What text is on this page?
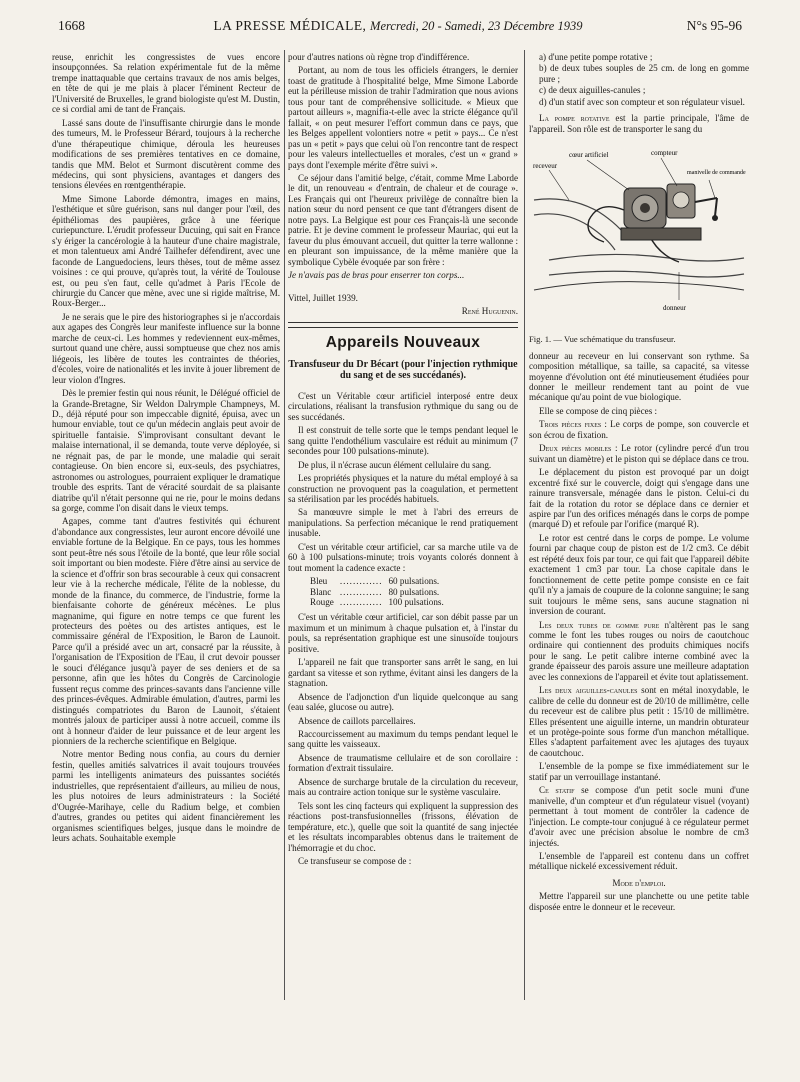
1668	LA PRESSE MÉDICALE, Mercredi, 20 - Samedi, 23 Décembre 1939	N°s 95-96

reuse, enrichit les congressistes de vues encore insoupçonnées. Sa relation expérimentale fut de la même trempe inattaquable que certains travaux de nos amis belges, en tête de qui je me plais à placer l'éminent Recteur de l'Université de Bruxelles, le grand biologiste qu'est M. Dustin, ce si cordial ami de tant de Français.

Lassé sans doute de l'insuffisante chirurgie dans le monde des tumeurs, M. le Professeur Bérard, toujours à la recherche d'une thérapeutique chimique, déroula les heureuses modifications de ses premières tentatives en ce domaine, tandis que MM. Belot et Surmont discutèrent comme des médecins, qui sont physiciens, avantages et dangers des tensions élevées en rœntgenthérapie.

Mme Simone Laborde démontra, images en mains, l'esthétique et sûre guérison, sans nul danger pour l'œil, des épithéliomas des paupières, grâce à une féerique curiepuncture. L'érudit professeur Ducuing, qui sait en France s'y ériger la cancérologie à la hauteur d'une chaire magistrale, et mon talentueux ami André Tailhefer défendirent, avec une faconde de Languedociens, leurs thèses, tout de même assez voisines : ce qui prouve, qu'après tout, la vérité de Toulouse est, ou peu s'en faut, celle qu'admet à Paris l'Ecole de chirurgie du Cancer que mène, avec une si rigide maîtrise, M. Roux-Berger...

Je ne serais que le pire des historiographes si je n'accordais aux agapes des Congrès leur manifeste influence sur la bonne marche de ceux-ci. Les hommes y redeviennent eux-mêmes, surtout quand une chère, aussi somptueuse que chez nos amis liégeois, les libère de toutes les contraintes de théories, d'écoles, voire de nationalités et les invite à jouer librement de leur violon d'Ingres.

Dès le premier festin qui nous réunit, le Délégué officiel de la Grande-Bretagne, Sir Weldon Dalrymple Champneys, M. D., déjà réputé pour son impeccable dignité, épuisa, avec un humour enviable, tout ce qu'un médecin anglais peut avoir de spirituelle fantaisie. S'improvisant consultant devant le malaise international, il se demanda, toute verve déployée, si ne régnait pas, de par le monde, une maladie qui serait contagieuse. On bien encore si, eux-seuls, des psychiatres, astronomes ou astrologues, pourraient expliquer le dramatique trouble des esprits. Tant de véracité sourdait de sa plaisante diatribe qu'il n'était personne qui ne rie, pour le moins dedans sa gorge, comme l'on disait dans le vieux temps.

Agapes, comme tant d'autres festivités qui échurent d'abondance aux congressistes, leur auront encore dévoilé une enviable fortune de la Belgique. En ce pays, tous les hommes sont peut-être nés sous l'étoile de la bonté, que leur rôle social soit important ou bien modeste. Fière d'être ainsi au service de la science et d'offrir son bras secourable à ceux qui consacrent leur vie à la recherche médicale, l'élite de la noblesse, du monde de la finance, du commerce, de l'industrie, forme la bienfaisante cohorte de généreux mécènes. Le plus magnanime, qui figure en notre temps ce que furent les protecteurs des poètes ou des artistes antiques, est le commissaire général de l'Exposition, le Baron de Launoit. Parce qu'il a présidé avec un art, consacré par la réussite, à l'organisation de l'Exposition de l'Eau, il crut devoir pousser le souci d'élégance jusqu'à payer de ses deniers et de sa personne, afin que les hôtes du Congrès de Carcinologie fussent reçus comme des princes-savants dans l'ancienne ville des princes-évêques. Admirable émulation, d'autres, parmi les distingués compatriotes du Baron de Launoit, s'étaient montrés jaloux de participer aussi à notre accueil, comme ils ont à honneur d'aider de leur puissance et de leur argent les pionniers de la recherche scientifique en Belgique.

Notre mentor Beding nous confia, au cours du dernier festin, quelles amitiés salvatrices il avait toujours trouvées parmi les intelligents animateurs des puissantes sociétés industrielles, que représentaient d'ailleurs, au milieu de nous, les plus notoires de leurs administrateurs : la Société d'Ougrée-Marihaye, celle du Radium belge, et combien d'autres, grandes ou petites qui aident financièrement les organismes scientifiques belges, jusque dans le moindre de leurs achats. Souhaitable exemple

pour d'autres nations où règne trop d'indifférence.

Portant, au nom de tous les officiels étrangers, le dernier toast de gratitude à l'hospitalité belge, Mme Simone Laborde eut la périlleuse mission de trahir l'admiration que nous avions tous pour tant de compréhensive sollicitude. « Mieux que partout ailleurs », magnifia-t-elle avec la stricte élégance qu'il fallait, « on peut mesurer l'effort commun dans ce pays, que les Belges appellent volontiers notre « petit » pays... Ce n'est pas un « petit » pays que celui où l'on rencontre tant de respect pour les valeurs intellectuelles et morales, c'est un « grand » pays dont l'exemple mérite d'être suivi ».

Ce séjour dans l'amitié belge, c'était, comme Mme Laborde le dit, un renouveau « d'entrain, de chaleur et de courage ». Les Français qui ont l'heureux privilège de connaître bien la nation sœur du nord pensent ce que tant d'étrangers disent de notre pays. La Belgique est pour ces Français-là une seconde patrie. Et je devine comment le professeur Mauriac, qui eut la faveur du plus émouvant accueil, dut quitter la terre wallonne : en pleurant son impuissance, de la même manière que la symbolique Cybèle évoquée par son frère :

Je n'avais pas de bras pour enserrer ton corps...

Vittel, Juillet 1939.

René Huguenin.

Appareils Nouveaux
Transfuseur du Dr Bécart (pour l'injection rythmique du sang et de ses succédanés).

C'est un Véritable cœur artificiel interposé entre deux circulations, réalisant la transfusion rythmique du sang ou de ses succédanés.

Il est construit de telle sorte que le temps pendant lequel le sang quitte l'endothélium vasculaire est réduit au minimum (7 secondes pour 100 pulsations-minute).

De plus, il n'écrase aucun élément cellulaire du sang.

Les propriétés physiques et la nature du métal employé à sa construction ne provoquent pas la coagulation, et permettent sa stérilisation par les procédés habituels.

Sa manœuvre simple le met à l'abri des erreurs de manipulations. Sa perfection mécanique le rend pratiquement inusable.

C'est un véritable cœur artificiel, car sa marche utile va de 60 à 100 pulsations-minute; trois voyants colorés donnent à tout moment la cadence exacte :

Bleu	.............	60 pulsations.
Blanc	.............	80 pulsations.
Rouge	.............	100 pulsations.

C'est un véritable cœur artificiel, car son débit passe par un maximum et un minimum à chaque pulsation et, à l'instar du pouls, sa représentation graphique est une sinusoïde toujours positive.

L'appareil ne fait que transporter sans arrêt le sang, en lui gardant sa vitesse et son rythme, évitant ainsi les dangers de la stagnation.

Absence de l'adjonction d'un liquide quelconque au sang (eau salée, glucose ou autre).

Absence de caillots parcellaires.

Raccourcissement au maximum du temps pendant lequel le sang quitte les vaisseaux.

Absence de traumatisme cellulaire et de son corollaire : formation d'extrait tissulaire.

Absence de surcharge brutale de la circulation du receveur, mais au contraire action tonique sur le système vasculaire.

Tels sont les cinq facteurs qui expliquent la suppression des réactions post-transfusionnelles (frissons, élévation de température, etc.), quelle que soit la quantité de sang injectée et les résultats incomparables obtenus dans le traitement de l'hémorragie et du choc.

Ce transfuseur se compose de :

a) d'une petite pompe rotative ;

b) de deux tubes souples de 25 cm. de long en gomme pure ;

c) de deux aiguilles-canules ;

d) d'un statif avec son compteur et son régulateur visuel.

La pompe rotative est la partie principale, l'âme de l'appareil. Son rôle est de transporter le sang du

cœur artificiel	compteur
receveur
manivelle de commande
donneur

Fig. 1. — Vue schématique du transfuseur.

donneur au receveur en lui conservant son rythme. Sa composition métallique, sa taille, sa capacité, sa vitesse moyenne d'évolution ont été minutieusement étudiées pour donner le meilleur rendement tant au point de vue mécanique qu'au point de vue biologique.

Elle se compose de cinq pièces :

Trois pièces fixes : Le corps de pompe, son couvercle et son écrou de fixation.

Deux pièces mobiles : Le rotor (cylindre percé d'un trou suivant un diamètre) et le piston qui se déplace dans ce trou.

Le déplacement du piston est provoqué par un doigt excentré fixé sur le couvercle, doigt qui s'engage dans une rainure transversale, ménagée dans le piston. Celui-ci du fait de la rotation du rotor se déplace dans ce dernier et aspire par l'un des orifices ménagés dans le corps de pompe (marqué D) et refoule par l'orifice (marqué R).

Le rotor est centré dans le corps de pompe. Le volume fourni par chaque coup de piston est de 1/2 cm3. Ce débit est répété deux fois par tour, ce qui fait que l'appareil débite exactement 1 cm3 par tour. La chose capitale dans le fonctionnement de cette petite pompe consiste en ce fait qu'il n'y a jamais de coupure de la colonne sanguine; le sang suit toujours le même sens, sans aucune stagnation ni inversion de courant.

Les deux tubes de gomme pure n'altèrent pas le sang comme le font les tubes rouges ou noirs de caoutchouc ordinaire qui contiennent des produits chimiques nocifs pour le sang. Le petit calibre interne combiné avec la grande épaisseur des parois assure une meilleure adaptation avec les connexions de l'appareil et évite tout aplatissement.

Les deux aiguilles-canules sont en métal inoxydable, le calibre de celle du donneur est de 20/10 de millimètre, celle du receveur est de calibre plus petit : 15/10 de millimètre. Elles présentent une aiguille interne, un mandrin obturateur et un protège-pointe sous forme d'un manchon métallique. Elles s'adaptent parfaitement avec les ajutages des tuyaux de caoutchouc.

L'ensemble de la pompe se fixe immédiatement sur le statif par un verrouillage instantané.

Ce statif se compose d'un petit socle muni d'une manivelle, d'un compteur et d'un régulateur visuel (voyant) permettant à tout moment de contrôler la cadence de l'injection. Le compte-tour conjugué à ce régulateur permet d'avoir avec une précision absolue le nombre de cm3 injectés.

L'ensemble de l'appareil est contenu dans un coffret métallique nickelé excessivement réduit.

Mode d'emploi.

Mettre l'appareil sur une planchette ou une petite table disposée entre le donneur et le receveur.
